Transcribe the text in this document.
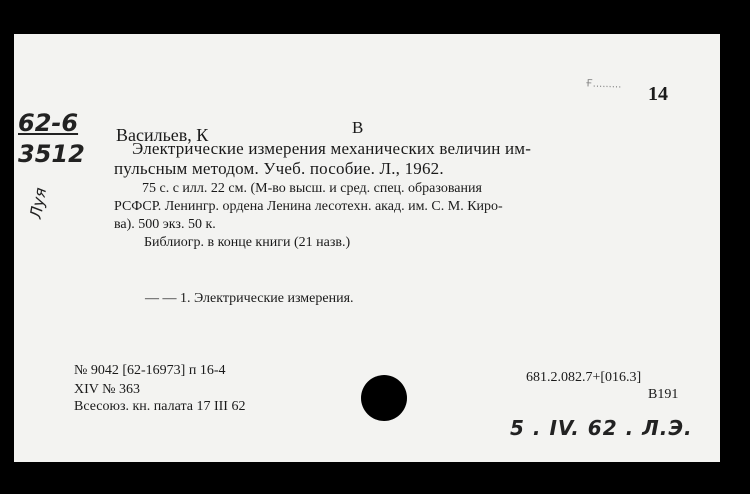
Ғ......... 14
62-6
3512
Луя
В
Васильев, К
Электрические измерения механических величин им-
пульсным методом. Учеб. пособие. Л., 1962.
75 с. с илл. 22 см. (М-во высш. и сред. спец. образования
РСФСР. Ленингр. ордена Ленина лесотехн. акад. им. С. М. Киро-
ва). 500 экз. 50 к.
Библиогр. в конце книги (21 назв.)
— — 1. Электрические измерения.
№ 9042 [62-16973] п 16-4
XIV № 363
Всесоюз. кн. палата 17 III 62
681.2.082.7+[016.3]
В191
5 . IV. 62 . Л.Э.
